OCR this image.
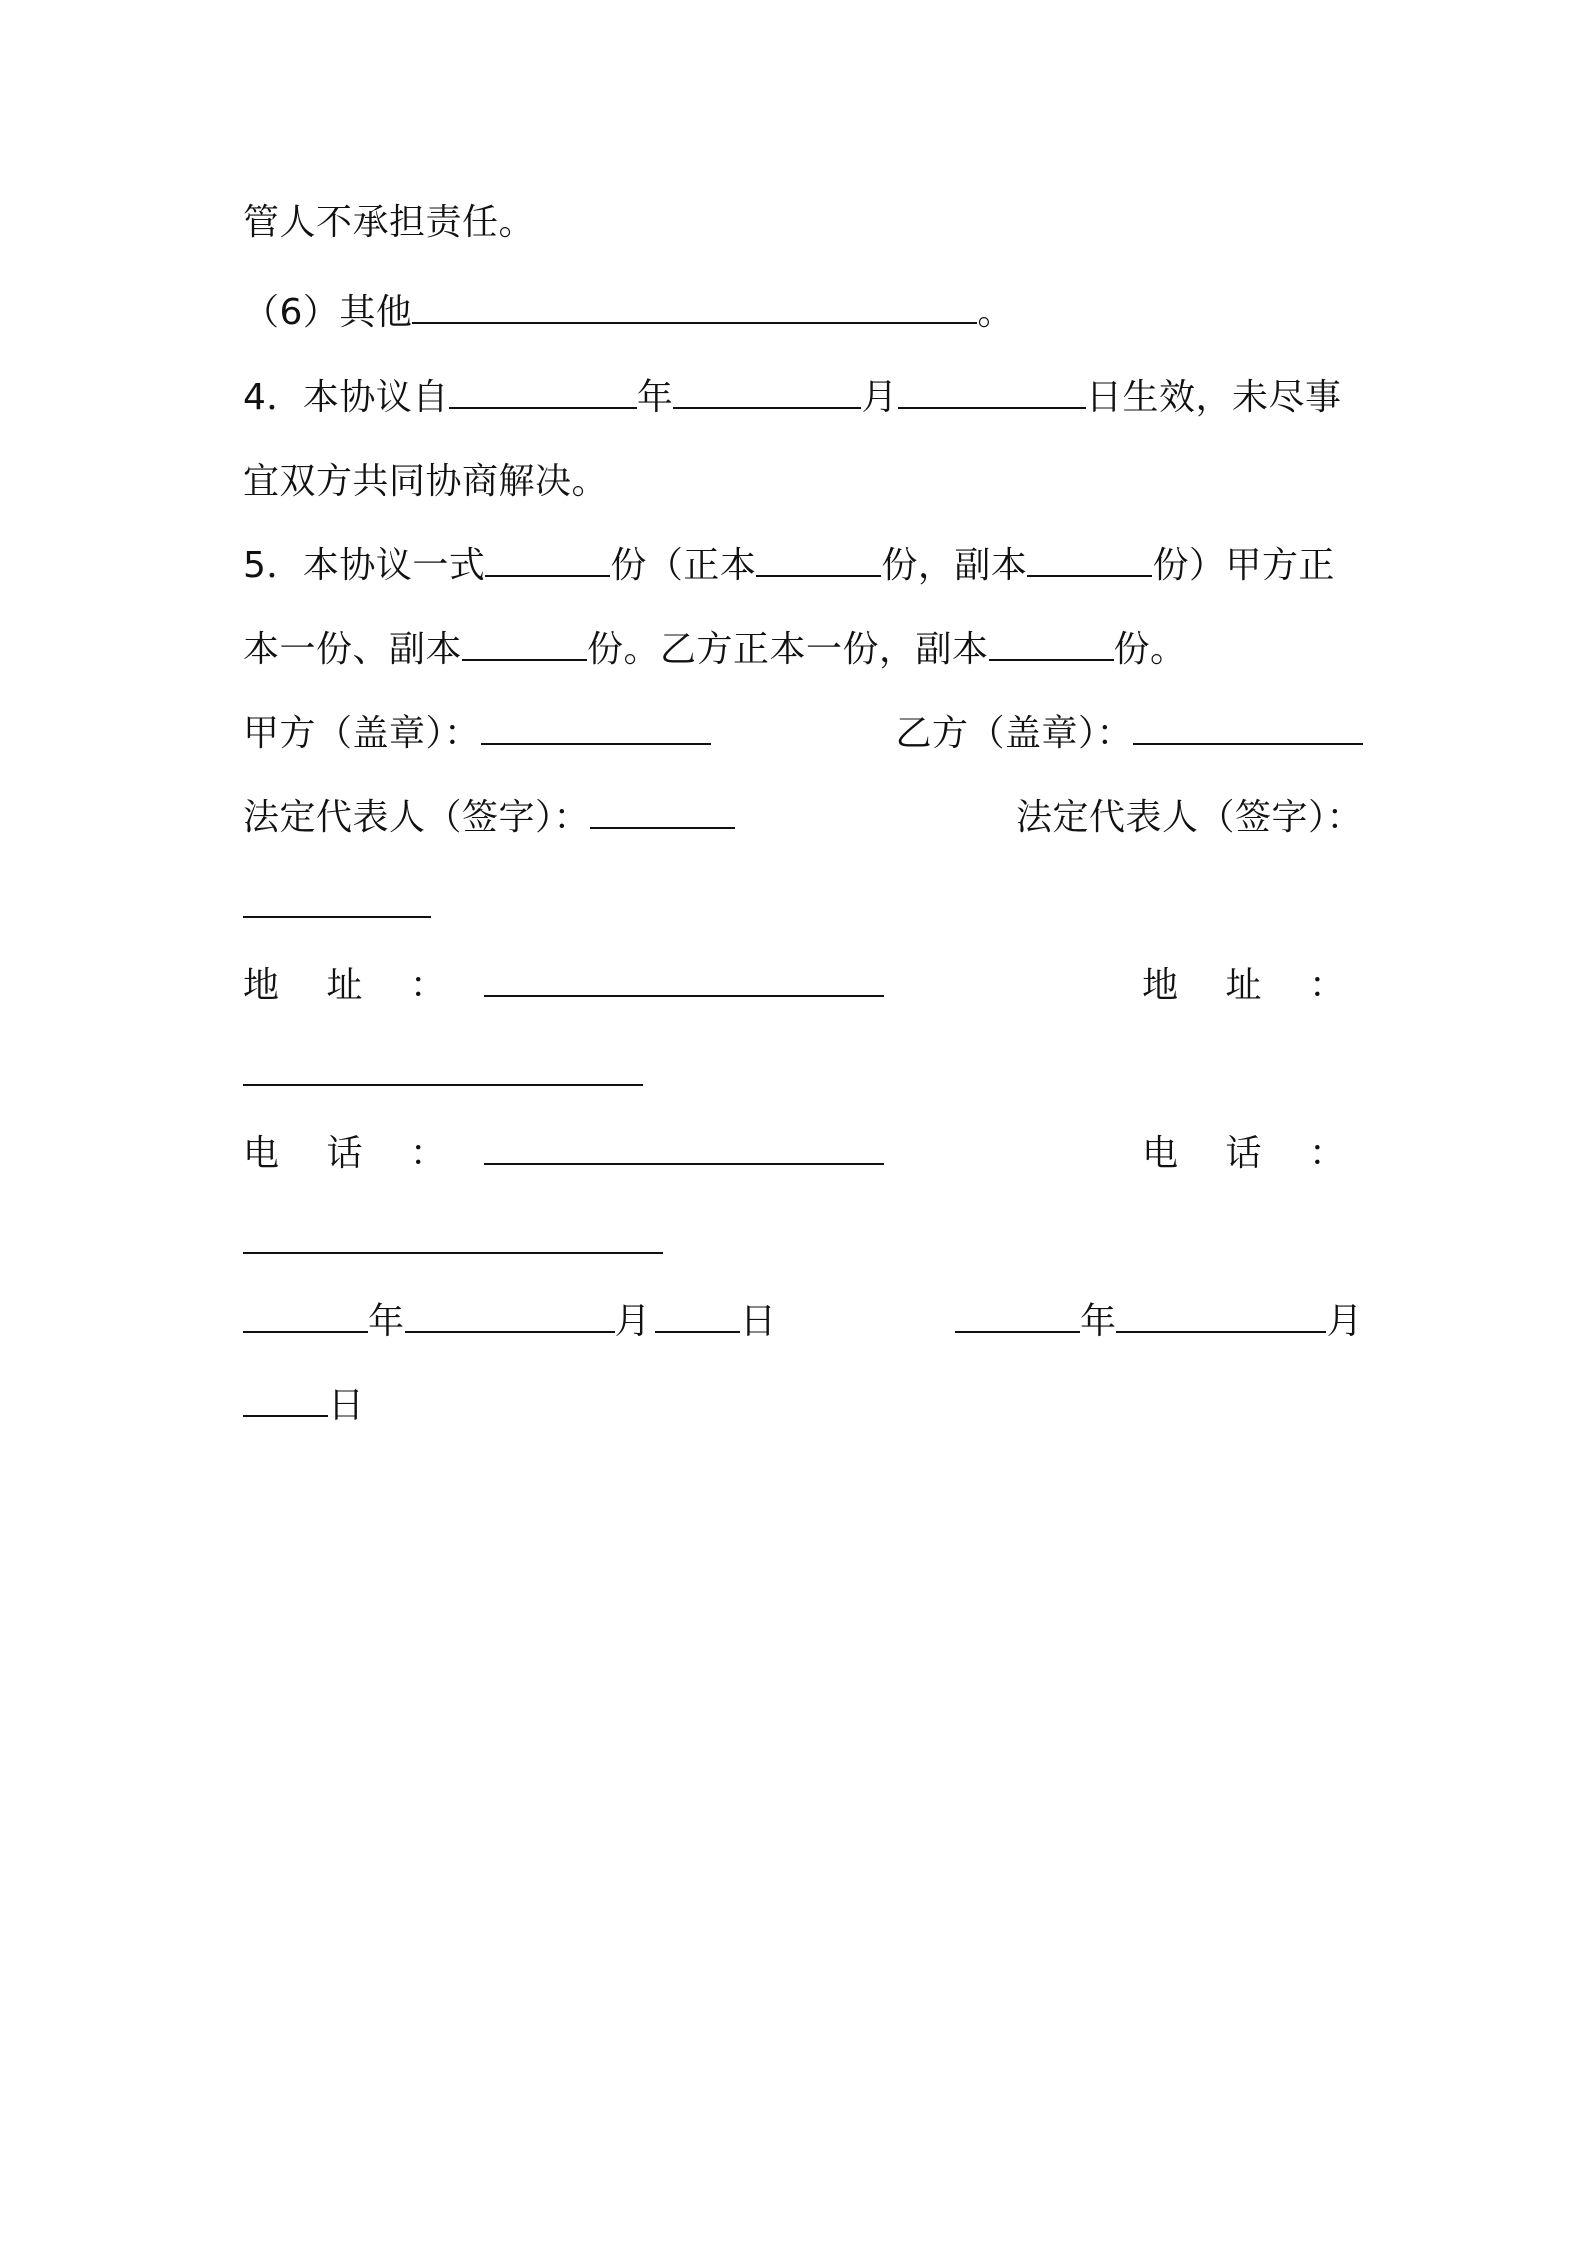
管人不承担责任。
（6）其他	。
4．本协议自	年	月	日生效，未尽事
宜双方共同协商解决。
5．本协议一式	份（正本	份，副本	份）甲方正
本一份、副本	份。乙方正本一份，副本	份。
甲方（盖章）：	乙方（盖章）：
法定代表人（签字）：	法定代表人（签字）：
地 址 ：	地 址 ：
电 话 ：	电 话 ：
年	月 日	年	月
日
